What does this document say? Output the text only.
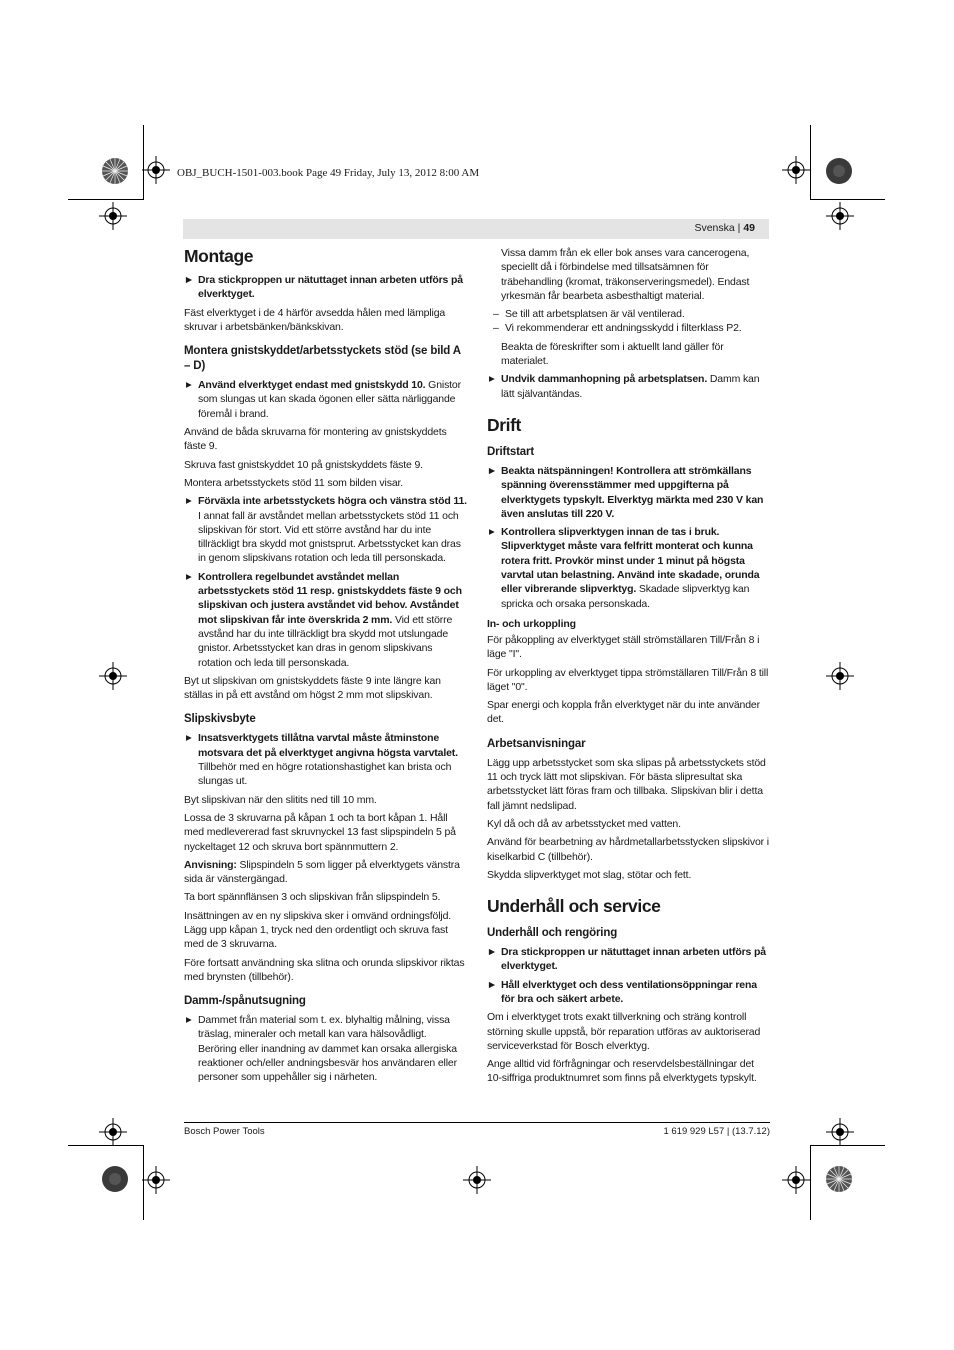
OBJ_BUCH-1501-003.book Page 49 Friday, July 13, 2012 8:00 AM
Svenska | 49
Montage
▶ Dra stickproppen ur nätuttaget innan arbeten utförs på elverktyget.

Fäst elverktyget i de 4 härför avsedda hålen med lämpliga skruvar i arbetsbänken/bänkskivan.

Montera gnistskyddet/arbetsstyckets stöd (se bild A – D)
▶ Använd elverktyget endast med gnistskydd 10. Gnistor som slungas ut kan skada ögonen eller sätta närliggande föremål i brand.

Använd de båda skruvarna för montering av gnistskyddets fäste 9.

Skruva fast gnistskyddet 10 på gnistskyddets fäste 9.

Montera arbetsstyckets stöd 11 som bilden visar.

▶ Förväxla inte arbetsstyckets högra och vänstra stöd 11. I annat fall är avståndet mellan arbetsstyckets stöd 11 och slipskivan för stort. Vid ett större avstånd har du inte tillräckligt bra skydd mot gnistsprut. Arbetsstycket kan dras in genom slipskivans rotation och leda till personskada.
▶ Kontrollera regelbundet avståndet mellan arbetsstyckets stöd 11 resp. gnistskyddets fäste 9 och slipskivan och justera avståndet vid behov. Avståndet mot slipskivan får inte överskrida 2 mm. Vid ett större avstånd har du inte tillräckligt bra skydd mot utslungade gnistor. Arbetsstycket kan dras in genom slipskivans rotation och leda till personskada.

Byt ut slipskivan om gnistskyddets fäste 9 inte längre kan ställas in på ett avstånd om högst 2 mm mot slipskivan.

Slipskivsbyte
▶ Insatsverktygets tillåtna varvtal måste åtminstone motsvara det på elverktyget angivna högsta varvtalet. Tillbehör med en högre rotationshastighet kan brista och slungas ut.

Byt slipskivan när den slitits ned till 10 mm.

Lossa de 3 skruvarna på kåpan 1 och ta bort kåpan 1. Håll med medlevererad fast skruvnyckel 13 fast slipspindeln 5 på nyckeltaget 12 och skruva bort spännmuttern 2.

Anvisning: Slipspindeln 5 som ligger på elverktygets vänstra sida är vänstergängad.

Ta bort spännflänsen 3 och slipskivan från slipspindeln 5.

Insättningen av en ny slipskiva sker i omvänd ordningsföljd. Lägg upp kåpan 1, tryck ned den ordentligt och skruva fast med de 3 skruvarna.

Före fortsatt användning ska slitna och orunda slipskivor riktas med brynsten (tillbehör).

Damm-/spånutsugning
▶ Dammet från material som t. ex. blyhaltig målning, vissa träslag, mineraler och metall kan vara hälsovådligt. Beröring eller inandning av dammet kan orsaka allergiska reaktioner och/eller andningsbesvär hos användaren eller personer som uppehåller sig i närheten.

Vissa damm från ek eller bok anses vara cancerogena, speciellt då i förbindelse med tillsatsämnen för träbehandling (kromat, träkonserveringsmedel). Endast yrkesmän får bearbeta asbesthaltigt material.

– Se till att arbetsplatsen är väl ventilerad.
– Vi rekommenderar ett andningsskydd i filterklass P2.

Beakta de föreskrifter som i aktuellt land gäller för materialet.

▶ Undvik dammanhopning på arbetsplatsen. Damm kan lätt självantändas.
Drift
Driftstart
▶ Beakta nätspänningen! Kontrollera att strömkällans spänning överensstämmer med uppgifterna på elverktygets typskylt. Elverktyg märkta med 230 V kan även anslutas till 220 V.
▶ Kontrollera slipverktygen innan de tas i bruk. Slipverktyget måste vara felfritt monterat och kunna rotera fritt. Provkör minst under 1 minut på högsta varvtal utan belastning. Använd inte skadade, orunda eller vibrerande slipverktyg. Skadade slipverktyg kan spricka och orsaka personskada.
In- och urkoppling

För påkoppling av elverktyget ställ strömställaren Till/Från 8 i läge "I".

För urkoppling av elverktyget tippa strömställaren Till/Från 8 till läget "0".

Spar energi och koppla från elverktyget när du inte använder det.

Arbetsanvisningar

Lägg upp arbetsstycket som ska slipas på arbetsstyckets stöd 11 och tryck lätt mot slipskivan. För bästa slipresultat ska arbetsstycket lätt föras fram och tillbaka. Slipskivan blir i detta fall jämnt nedslipad.

Kyl då och då av arbetsstycket med vatten.

Använd för bearbetning av hårdmetallarbetsstycken slipskivor i kiselkarbid C (tillbehör).

Skydda slipverktyget mot slag, stötar och fett.

Underhåll och service
Underhåll och rengöring
▶ Dra stickproppen ur nätuttaget innan arbeten utförs på elverktyget.
▶ Håll elverktyget och dess ventilationsöppningar rena för bra och säkert arbete.

Om i elverktyget trots exakt tillverkning och sträng kontroll störning skulle uppstå, bör reparation utföras av auktoriserad serviceverkstad för Bosch elverktyg.

Ange alltid vid förfrågningar och reservdelsbeställningar det 10-siffriga produktnumret som finns på elverktygets typskylt.

Bosch Power Tools	1 619 929 L57 | (13.7.12)
